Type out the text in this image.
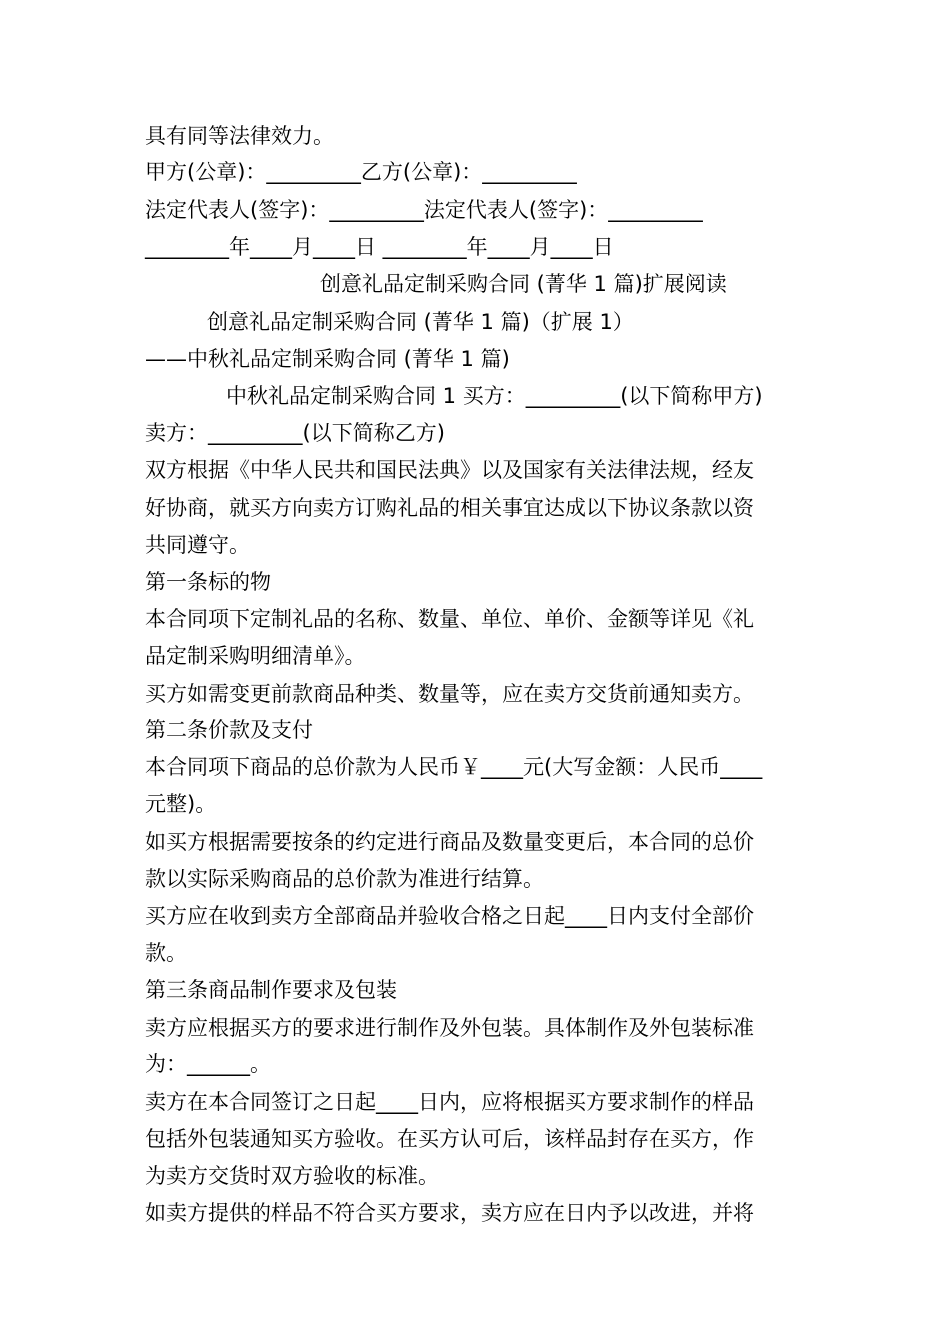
具有同等法律效力。
甲方(公章)：_________乙方(公章)：_________
法定代表人(签字)：_________法定代表人(签字)：_________
________年____月____日 ________年____月____日
创意礼品定制采购合同 (菁华 1 篇)扩展阅读
创意礼品定制采购合同 (菁华 1 篇)（扩展 1）
——中秋礼品定制采购合同 (菁华 1 篇)
中秋礼品定制采购合同 1 买方：_________(以下简称甲方)
卖方：_________(以下简称乙方)
双方根据《中华人民共和国民法典》以及国家有关法律法规，经友
好协商，就买方向卖方订购礼品的相关事宜达成以下协议条款以资
共同遵守。
第一条标的物
本合同项下定制礼品的名称、数量、单位、单价、金额等详见《礼
品定制采购明细清单》。
买方如需变更前款商品种类、数量等，应在卖方交货前通知卖方。
第二条价款及支付
本合同项下商品的总价款为人民币￥____元(大写金额：人民币____
元整)。
如买方根据需要按条的约定进行商品及数量变更后，本合同的总价
款以实际采购商品的总价款为准进行结算。
买方应在收到卖方全部商品并验收合格之日起____日内支付全部价
款。
第三条商品制作要求及包装
卖方应根据买方的要求进行制作及外包装。具体制作及外包装标准
为：______。
卖方在本合同签订之日起____日内，应将根据买方要求制作的样品
包括外包装通知买方验收。在买方认可后，该样品封存在买方，作
为卖方交货时双方验收的标准。
如卖方提供的样品不符合买方要求，卖方应在日内予以改进，并将
